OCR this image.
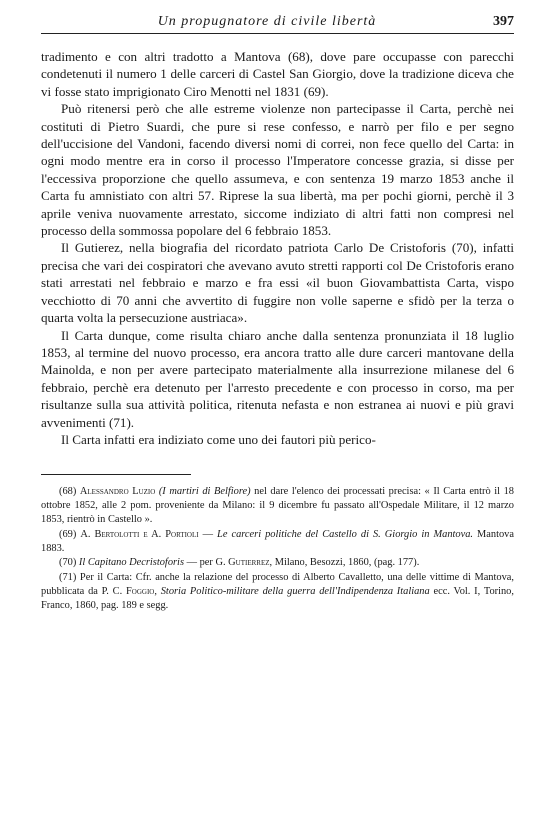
Un propugnatore di civile libertà	397

tradimento e con altri tradotto a Mantova (68), dove pare occupasse con parecchi condetenuti il numero 1 delle carceri di Castel San Giorgio, dove la tradizione diceva che vi fosse stato imprigionato Ciro Menotti nel 1831 (69).

Può ritenersi però che alle estreme violenze non partecipasse il Carta, perchè nei costituti di Pietro Suardi, che pure si rese confesso, e narrò per filo e per segno dell'uccisione del Vandoni, facendo diversi nomi di correi, non fece quello del Carta: in ogni modo mentre era in corso il processo l'Imperatore concesse grazia, si disse per l'eccessiva proporzione che quello assumeva, e con sentenza 19 marzo 1853 anche il Carta fu amnistiato con altri 57. Riprese la sua libertà, ma per pochi giorni, perchè il 3 aprile veniva nuovamente arrestato, siccome indiziato di altri fatti non compresi nel processo della sommossa popolare del 6 febbraio 1853.

Il Gutierez, nella biografia del ricordato patriota Carlo De Cristoforis (70), infatti precisa che vari dei cospiratori che avevano avuto stretti rapporti col De Cristoforis erano stati arrestati nel febbraio e marzo e fra essi «il buon Giovambattista Carta, vispo vecchiotto di 70 anni che avvertito di fuggire non volle saperne e sfidò per la terza o quarta volta la persecuzione austriaca».

Il Carta dunque, come risulta chiaro anche dalla sentenza pronunziata il 18 luglio 1853, al termine del nuovo processo, era ancora tratto alle dure carceri mantovane della Mainolda, e non per avere partecipato materialmente alla insurrezione milanese del 6 febbraio, perchè era detenuto per l'arresto precedente e con processo in corso, ma per risultanze sulla sua attività politica, ritenuta nefasta e non estranea ai nuovi e più gravi avvenimenti (71).

Il Carta infatti era indiziato come uno dei fautori più perico-

(68) Alessandro Luzio (I martiri di Belfiore) nel dare l'elenco dei processati precisa: « Il Carta entrò il 18 ottobre 1852, alle 2 pom. proveniente da Milano: il 9 dicembre fu passato all'Ospedale Militare, il 12 marzo 1853, rientrò in Castello ».

(69) A. Bertolotti e A. Portioli — Le carceri politiche del Castello di S. Giorgio in Mantova. Mantova 1883.

(70) Il Capitano Decristoforis — per G. Gutierrez, Milano, Besozzi, 1860, (pag. 177).

(71) Per il Carta: Cfr. anche la relazione del processo di Alberto Cavalletto, una delle vittime di Mantova, pubblicata da P. C. Foggio, Storia Politico-militare della guerra dell'Indipendenza Italiana ecc. Vol. I, Torino, Franco, 1860, pag. 189 e segg.
